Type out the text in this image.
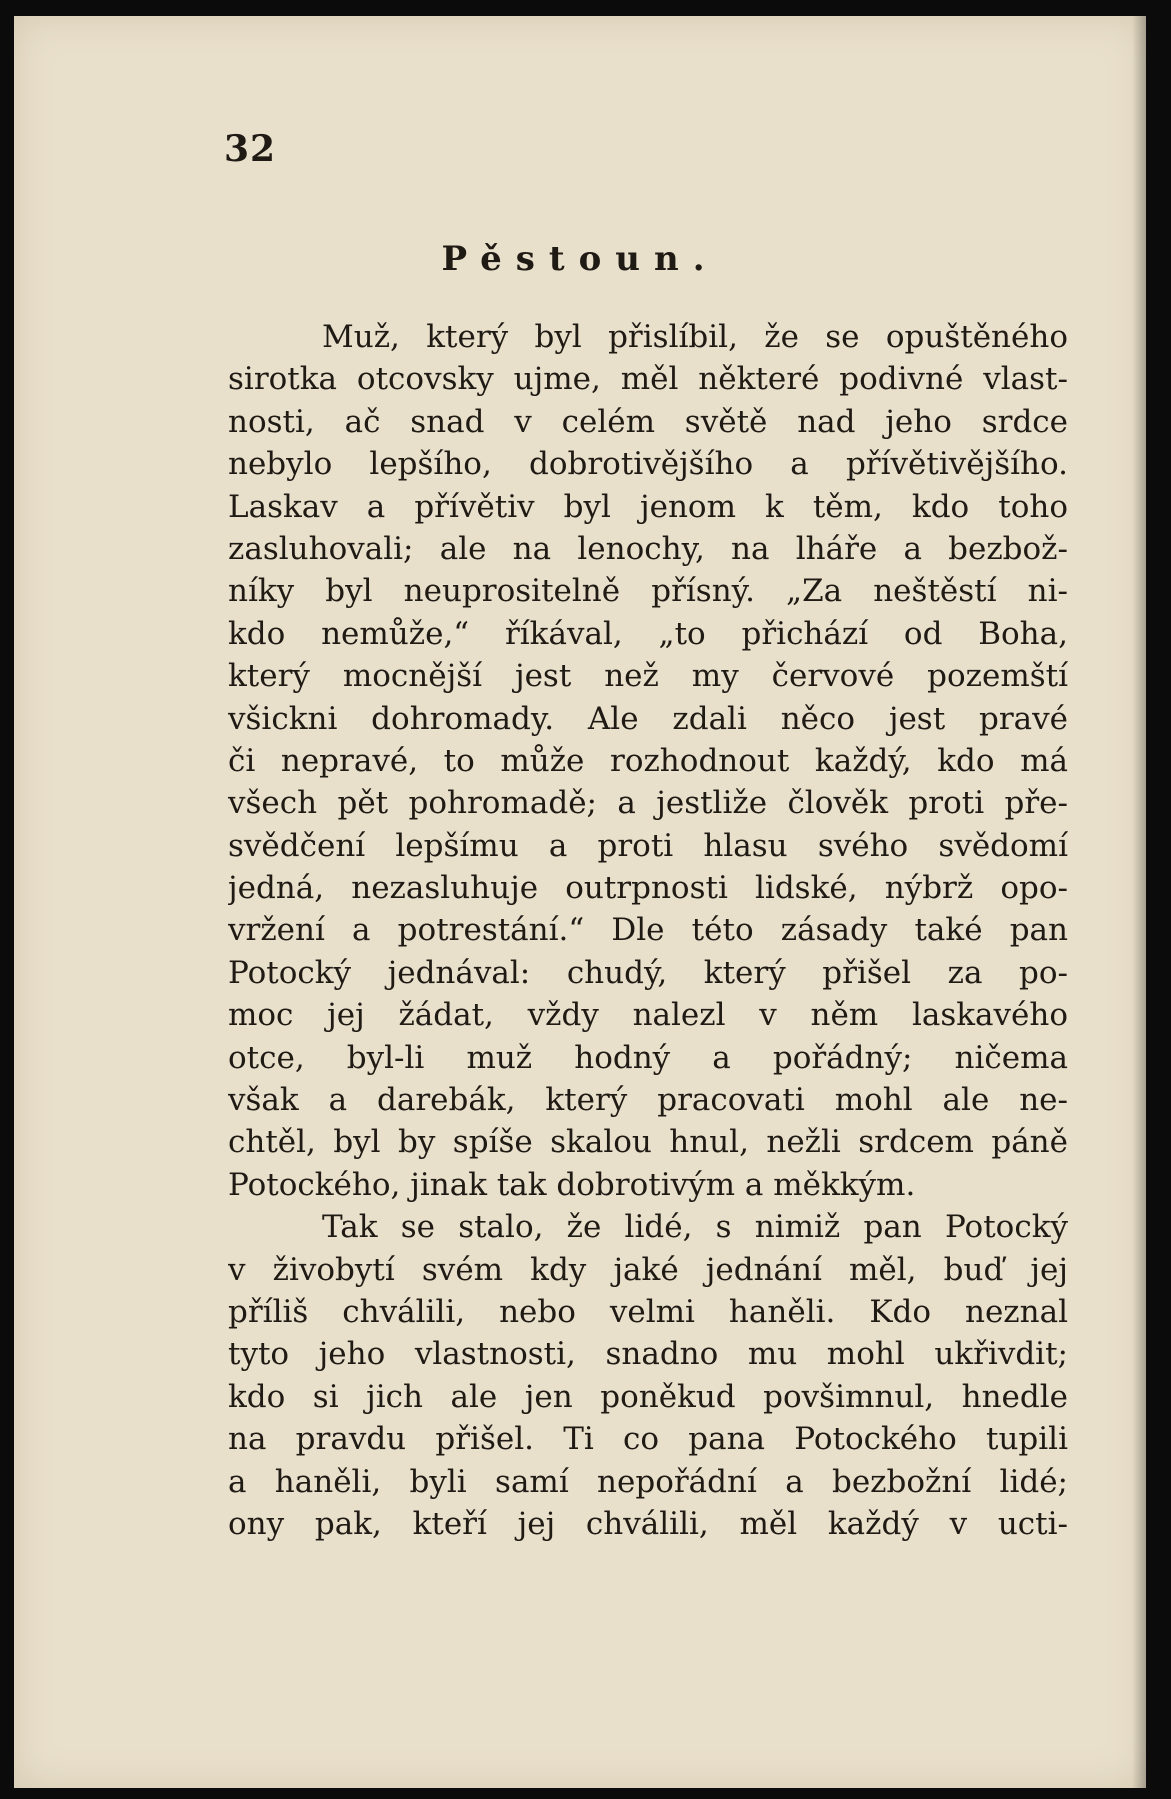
32
Pěstoun.
Muž, který byl přislíbil, že se opuštěného
sirotka otcovsky ujme, měl některé podivné vlast-
nosti, ač snad v celém světě nad jeho srdce
nebylo lepšího, dobrotivějšího a přívětivějšího.
Laskav a přívětiv byl jenom k těm, kdo toho
zasluhovali; ale na lenochy, na lháře a bezbož-
níky byl neuprositelně přísný. „Za neštěstí ni-
kdo nemůže,“ říkával, „to přichází od Boha,
který mocnější jest než my červové pozemští
všickni dohromady. Ale zdali něco jest pravé
či nepravé, to může rozhodnout každý, kdo má
všech pět pohromadě; a jestliže člověk proti pře-
svědčení lepšímu a proti hlasu svého svědomí
jedná, nezasluhuje outrpnosti lidské, nýbrž opo-
vržení a potrestání.“ Dle této zásady také pan
Potocký jednával: chudý, který přišel za po-
moc jej žádat, vždy nalezl v něm laskavého
otce, byl-li muž hodný a pořádný; ničema
však a darebák, který pracovati mohl ale ne-
chtěl, byl by spíše skalou hnul, nežli srdcem páně
Potockého, jinak tak dobrotivým a měkkým.
Tak se stalo, že lidé, s nimiž pan Potocký
v živobytí svém kdy jaké jednání měl, buď jej
příliš chválili, nebo velmi haněli. Kdo neznal
tyto jeho vlastnosti, snadno mu mohl ukřivdit;
kdo si jich ale jen poněkud povšimnul, hnedle
na pravdu přišel. Ti co pana Potockého tupili
a haněli, byli samí nepořádní a bezbožní lidé;
ony pak, kteří jej chválili, měl každý v ucti-
